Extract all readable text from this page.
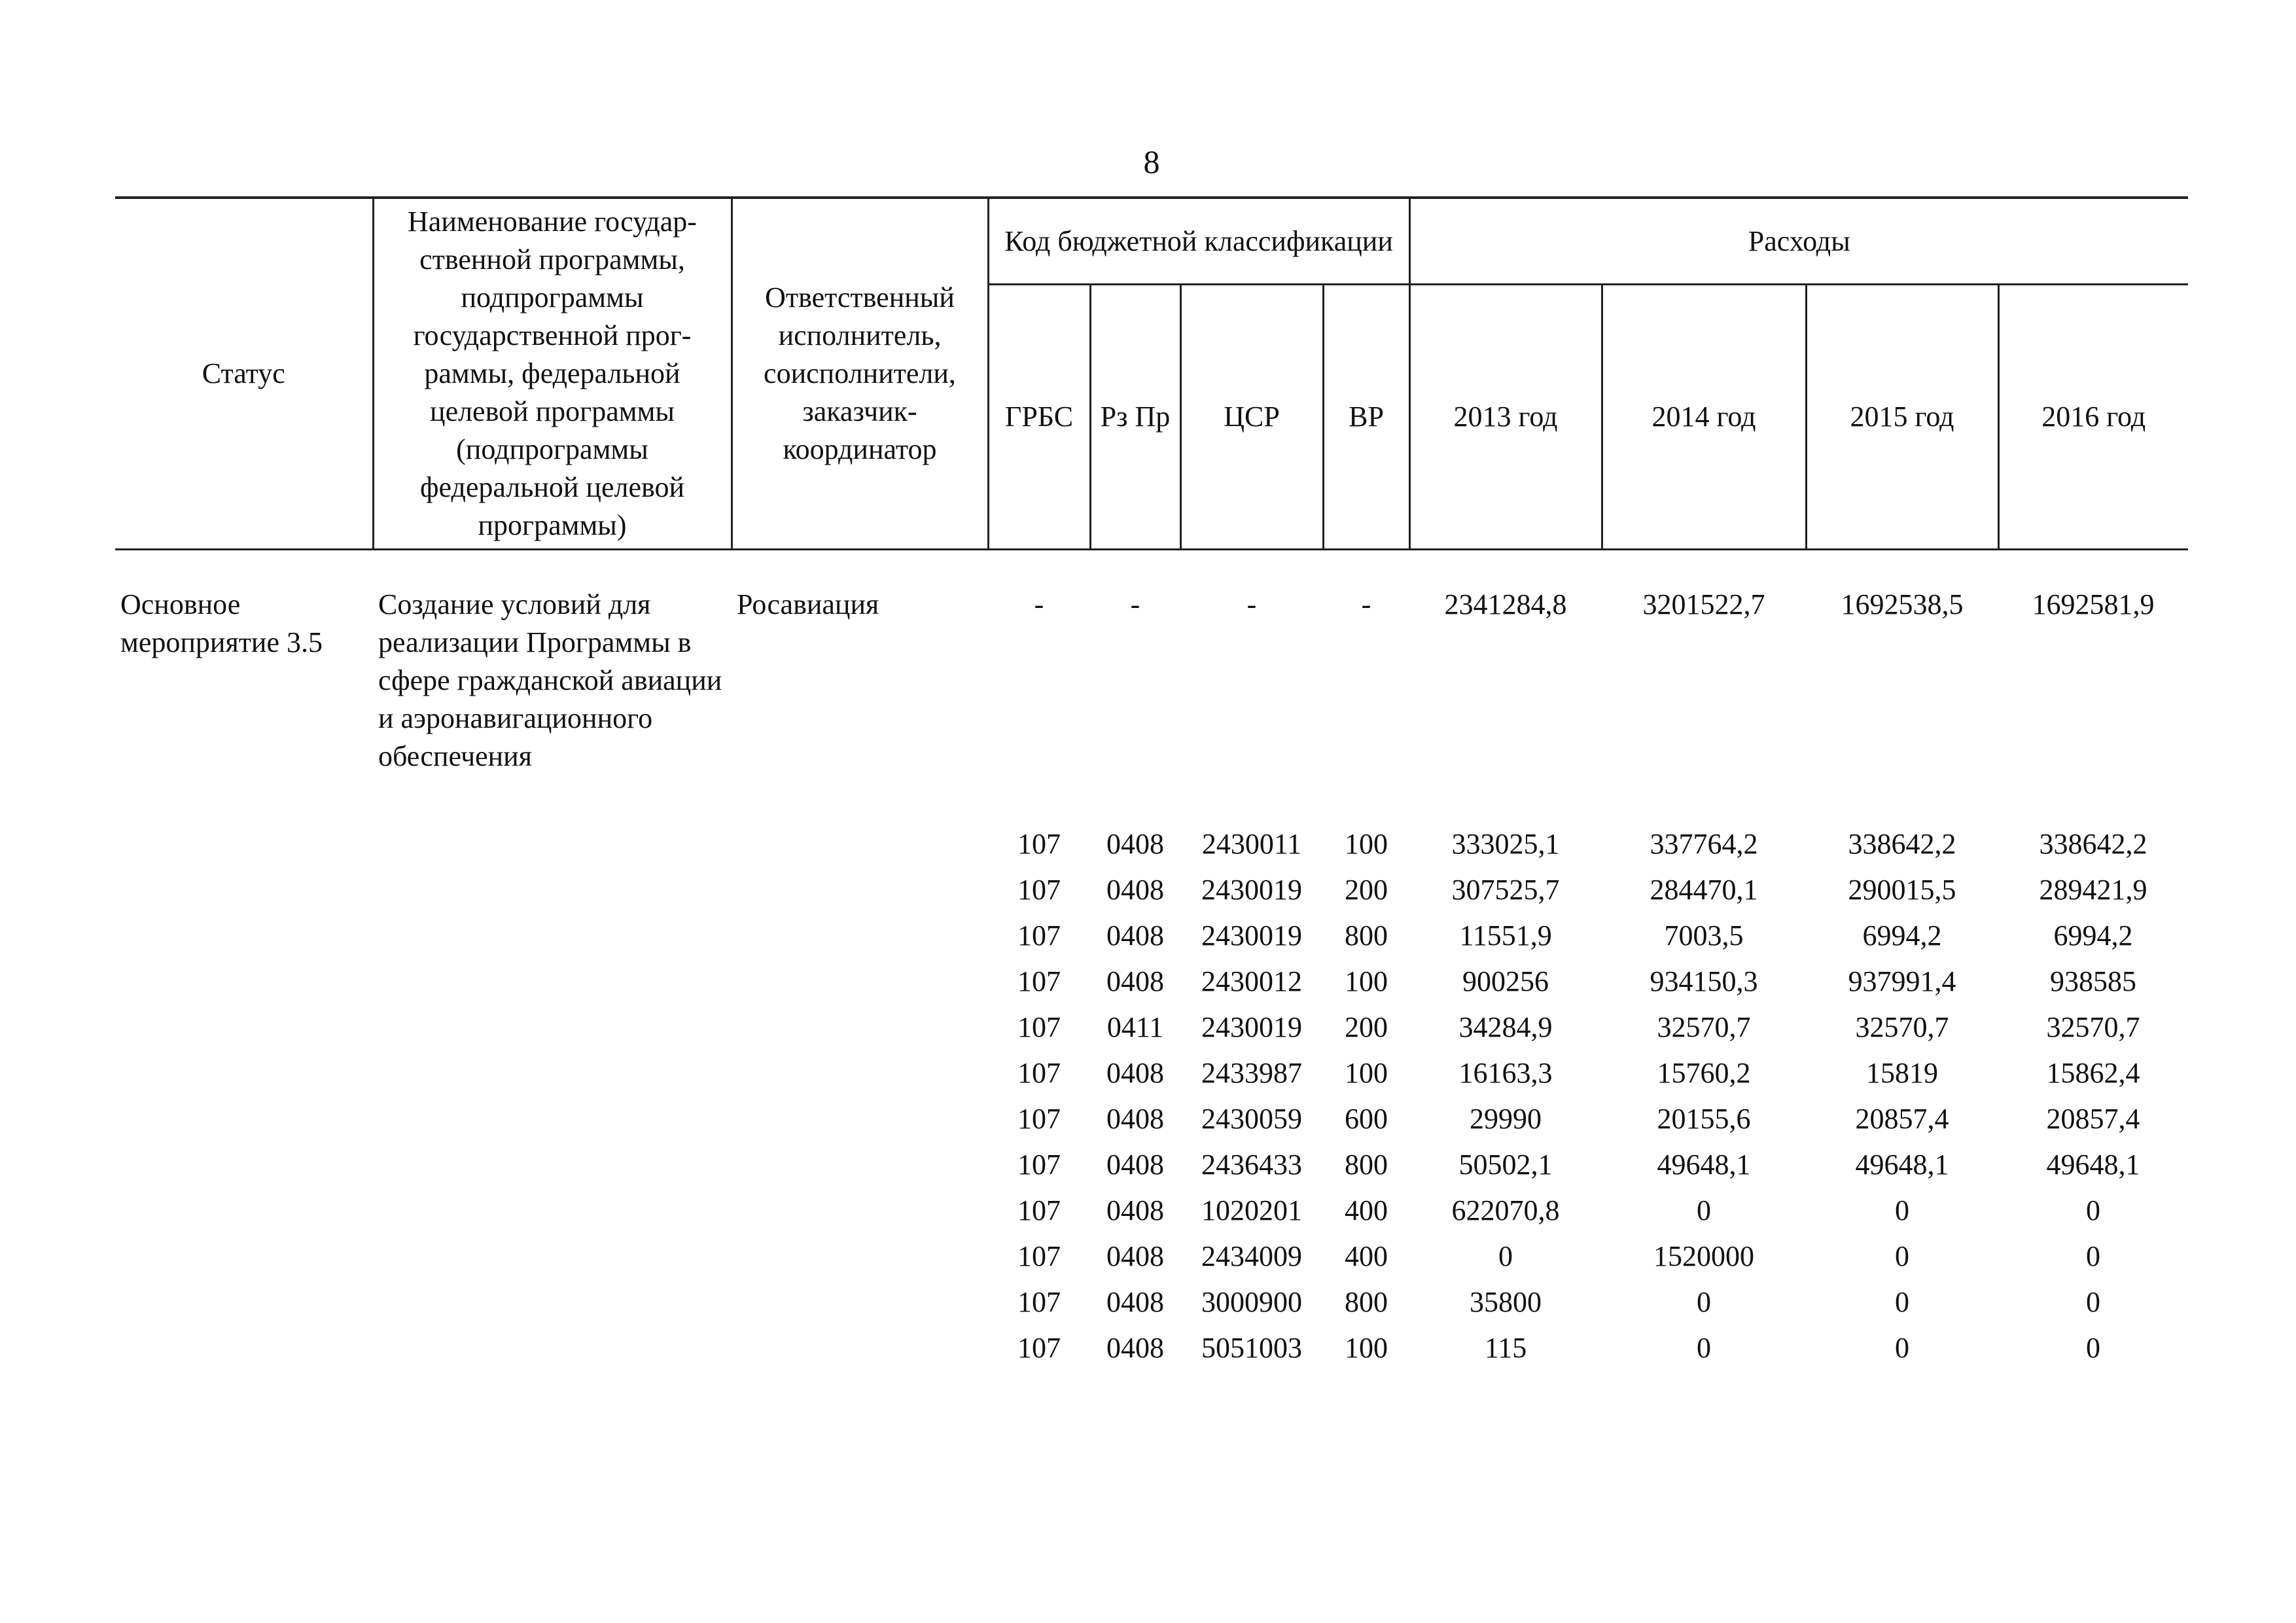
8
Статус	Наименование государ-ственной программы, подпрограммы государственной прог-раммы, федеральной целевой программы (подпрограммы федеральной целевой программы)	Ответственный исполнитель, соисполнители, заказчик-координатор	Код бюджетной классификации				Расходы			
			ГРБС	Рз Пр	ЦСР	ВР	2013 год	2014 год	2015 год	2016 год

Основное мероприятие 3.5	Создание условий для реализации Программы в сфере гражданской авиации и аэронавигационного обеспечения	Росавиация	-	-	-	-	2341284,8	3201522,7	1692538,5	1692581,9
			107	0408	2430011	100	333025,1	337764,2	338642,2	338642,2
			107	0408	2430019	200	307525,7	284470,1	290015,5	289421,9
			107	0408	2430019	800	11551,9	7003,5	6994,2	6994,2
			107	0408	2430012	100	900256	934150,3	937991,4	938585
			107	0411	2430019	200	34284,9	32570,7	32570,7	32570,7
			107	0408	2433987	100	16163,3	15760,2	15819	15862,4
			107	0408	2430059	600	29990	20155,6	20857,4	20857,4
			107	0408	2436433	800	50502,1	49648,1	49648,1	49648,1
			107	0408	1020201	400	622070,8	0	0	0
			107	0408	2434009	400	0	1520000	0	0
			107	0408	3000900	800	35800	0	0	0
			107	0408	5051003	100	115	0	0	0
